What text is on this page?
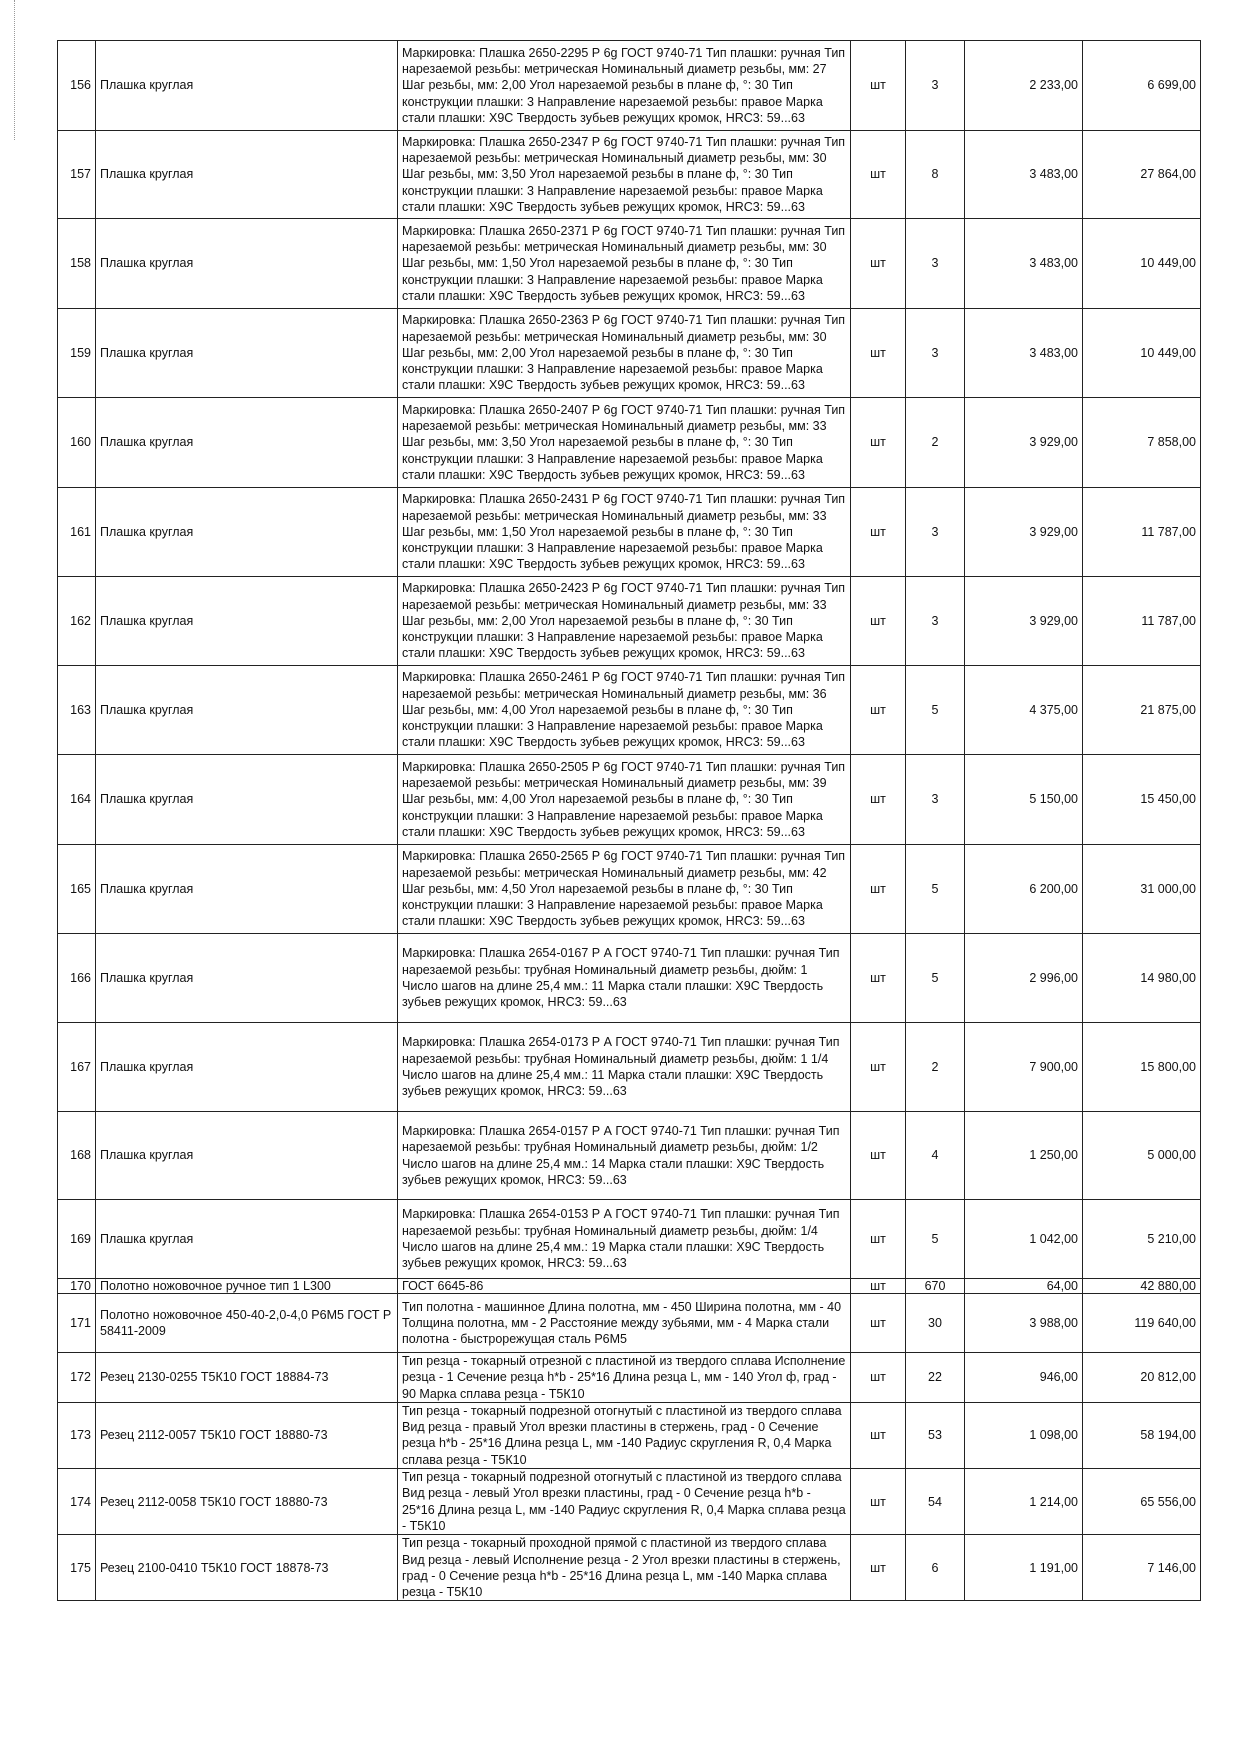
156	Плашка круглая	Маркировка: Плашка 2650-2295 Р 6g ГОСТ 9740-71 Тип плашки: ручная Тип нарезаемой резьбы: метрическая Номинальный диаметр резьбы, мм: 27 Шаг резьбы, мм: 2,00 Угол нарезаемой резьбы в плане ф, °: 30 Тип конструкции плашки: 3 Направление нарезаемой резьбы: правое Марка стали плашки: Х9С Твердость зубьев режущих кромок, HRC3: 59...63	шт	3	2 233,00	6 699,00
157	Плашка круглая	Маркировка: Плашка 2650-2347 Р 6g ГОСТ 9740-71 Тип плашки: ручная Тип нарезаемой резьбы: метрическая Номинальный диаметр резьбы, мм: 30 Шаг резьбы, мм: 3,50 Угол нарезаемой резьбы в плане ф, °: 30 Тип конструкции плашки: 3 Направление нарезаемой резьбы: правое Марка стали плашки: Х9С Твердость зубьев режущих кромок, HRC3: 59...63	шт	8	3 483,00	27 864,00
158	Плашка круглая	Маркировка: Плашка 2650-2371 Р 6g ГОСТ 9740-71 Тип плашки: ручная Тип нарезаемой резьбы: метрическая Номинальный диаметр резьбы, мм: 30 Шаг резьбы, мм: 1,50 Угол нарезаемой резьбы в плане ф, °: 30 Тип конструкции плашки: 3 Направление нарезаемой резьбы: правое Марка стали плашки: Х9С Твердость зубьев режущих кромок, HRC3: 59...63	шт	3	3 483,00	10 449,00
159	Плашка круглая	Маркировка: Плашка 2650-2363 Р 6g ГОСТ 9740-71 Тип плашки: ручная Тип нарезаемой резьбы: метрическая Номинальный диаметр резьбы, мм: 30 Шаг резьбы, мм: 2,00 Угол нарезаемой резьбы в плане ф, °: 30 Тип конструкции плашки: 3 Направление нарезаемой резьбы: правое Марка стали плашки: Х9С Твердость зубьев режущих кромок, HRC3: 59...63	шт	3	3 483,00	10 449,00
160	Плашка круглая	Маркировка: Плашка 2650-2407 Р 6g ГОСТ 9740-71 Тип плашки: ручная Тип нарезаемой резьбы: метрическая Номинальный диаметр резьбы, мм: 33 Шаг резьбы, мм: 3,50 Угол нарезаемой резьбы в плане ф, °: 30 Тип конструкции плашки: 3 Направление нарезаемой резьбы: правое Марка стали плашки: Х9С Твердость зубьев режущих кромок, HRC3: 59...63	шт	2	3 929,00	7 858,00
161	Плашка круглая	Маркировка: Плашка 2650-2431 Р 6g ГОСТ 9740-71 Тип плашки: ручная Тип нарезаемой резьбы: метрическая Номинальный диаметр резьбы, мм: 33 Шаг резьбы, мм: 1,50 Угол нарезаемой резьбы в плане ф, °: 30 Тип конструкции плашки: 3 Направление нарезаемой резьбы: правое Марка стали плашки: Х9С Твердость зубьев режущих кромок, HRC3: 59...63	шт	3	3 929,00	11 787,00
162	Плашка круглая	Маркировка: Плашка 2650-2423 Р 6g ГОСТ 9740-71 Тип плашки: ручная Тип нарезаемой резьбы: метрическая Номинальный диаметр резьбы, мм: 33 Шаг резьбы, мм: 2,00 Угол нарезаемой резьбы в плане ф, °: 30 Тип конструкции плашки: 3 Направление нарезаемой резьбы: правое Марка стали плашки: Х9С Твердость зубьев режущих кромок, HRC3: 59...63	шт	3	3 929,00	11 787,00
163	Плашка круглая	Маркировка: Плашка 2650-2461 Р 6g ГОСТ 9740-71 Тип плашки: ручная Тип нарезаемой резьбы: метрическая Номинальный диаметр резьбы, мм: 36 Шаг резьбы, мм: 4,00 Угол нарезаемой резьбы в плане ф, °: 30 Тип конструкции плашки: 3 Направление нарезаемой резьбы: правое Марка стали плашки: Х9С Твердость зубьев режущих кромок, HRC3: 59...63	шт	5	4 375,00	21 875,00
164	Плашка круглая	Маркировка: Плашка 2650-2505 Р 6g ГОСТ 9740-71 Тип плашки: ручная Тип нарезаемой резьбы: метрическая Номинальный диаметр резьбы, мм: 39 Шаг резьбы, мм: 4,00 Угол нарезаемой резьбы в плане ф, °: 30 Тип конструкции плашки: 3 Направление нарезаемой резьбы: правое Марка стали плашки: Х9С Твердость зубьев режущих кромок, HRC3: 59...63	шт	3	5 150,00	15 450,00
165	Плашка круглая	Маркировка: Плашка 2650-2565 Р 6g ГОСТ 9740-71 Тип плашки: ручная Тип нарезаемой резьбы: метрическая Номинальный диаметр резьбы, мм: 42 Шаг резьбы, мм: 4,50 Угол нарезаемой резьбы в плане ф, °: 30 Тип конструкции плашки: 3 Направление нарезаемой резьбы: правое Марка стали плашки: Х9С Твердость зубьев режущих кромок, HRC3: 59...63	шт	5	6 200,00	31 000,00
166	Плашка круглая	Маркировка: Плашка 2654-0167 Р А ГОСТ 9740-71 Тип плашки: ручная Тип нарезаемой резьбы: трубная Номинальный диаметр резьбы, дюйм: 1 Число шагов на длине 25,4 мм.: 11 Марка стали плашки: Х9С Твердость зубьев режущих кромок, HRC3: 59...63	шт	5	2 996,00	14 980,00
167	Плашка круглая	Маркировка: Плашка 2654-0173 Р А ГОСТ 9740-71 Тип плашки: ручная Тип нарезаемой резьбы: трубная Номинальный диаметр резьбы, дюйм: 1 1/4 Число шагов на длине 25,4 мм.: 11 Марка стали плашки: Х9С Твердость зубьев режущих кромок, HRC3: 59...63	шт	2	7 900,00	15 800,00
168	Плашка круглая	Маркировка: Плашка 2654-0157 Р А ГОСТ 9740-71 Тип плашки: ручная Тип нарезаемой резьбы: трубная Номинальный диаметр резьбы, дюйм: 1/2 Число шагов на длине 25,4 мм.: 14 Марка стали плашки: Х9С Твердость зубьев режущих кромок, HRC3: 59...63	шт	4	1 250,00	5 000,00
169	Плашка круглая	Маркировка: Плашка 2654-0153 Р А ГОСТ 9740-71 Тип плашки: ручная Тип нарезаемой резьбы: трубная Номинальный диаметр резьбы, дюйм: 1/4 Число шагов на длине 25,4 мм.: 19 Марка стали плашки: Х9С Твердость зубьев режущих кромок, HRC3: 59...63	шт	5	1 042,00	5 210,00
170	Полотно ножовочное ручное тип 1 L300	ГОСТ 6645-86	шт	670	64,00	42 880,00
171	Полотно ножовочное 450-40-2,0-4,0 Р6М5 ГОСТ Р 58411-2009	Тип полотна - машинное Длина полотна, мм - 450 Ширина полотна, мм - 40 Толщина полотна, мм - 2 Расстояние между зубьями, мм - 4 Марка стали полотна - быстрорежущая сталь Р6М5	шт	30	3 988,00	119 640,00
172	Резец 2130-0255 Т5К10 ГОСТ 18884-73	Тип резца - токарный отрезной с пластиной из твердого сплава Исполнение резца - 1 Сечение резца h*b - 25*16 Длина резца L, мм - 140 Угол ф, град - 90 Марка сплава резца - Т5К10	шт	22	946,00	20 812,00
173	Резец 2112-0057 Т5К10 ГОСТ 18880-73	Тип резца - токарный подрезной отогнутый с пластиной из твердого сплава Вид резца - правый Угол врезки пластины в стержень, град - 0 Сечение резца h*b - 25*16 Длина резца L, мм -140 Радиус скругления R, 0,4 Марка сплава резца - Т5К10	шт	53	1 098,00	58 194,00
174	Резец 2112-0058 Т5К10 ГОСТ 18880-73	Тип резца - токарный подрезной отогнутый с пластиной из твердого сплава Вид резца - левый Угол врезки пластины, град - 0 Сечение резца h*b - 25*16 Длина резца L, мм -140 Радиус скругления R, 0,4 Марка сплава резца - Т5К10	шт	54	1 214,00	65 556,00
175	Резец 2100-0410 Т5К10 ГОСТ 18878-73	Тип резца - токарный проходной прямой с пластиной из твердого сплава Вид резца - левый Исполнение резца - 2 Угол врезки пластины в стержень, град - 0 Сечение резца h*b - 25*16 Длина резца L, мм -140 Марка сплава резца - Т5К10	шт	6	1 191,00	7 146,00
